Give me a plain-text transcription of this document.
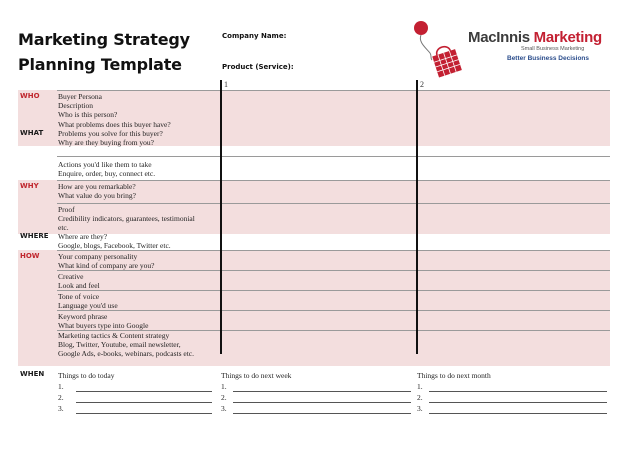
Marketing Strategy
Planning Template
Company Name:
Product (Service):
MacInnis Marketing
Small Business Marketing
Better Business Decisions
1	2
WHO
WHAT
WHY
WHERE
HOW
WHEN
Buyer Persona
Description
Who is this person?
What problems does this buyer have?
Problems you solve for this buyer?
Why are they buying from you?
Actions you'd like them to take
Enquire, order, buy, connect etc.
How are you remarkable?
What value do you bring?
Proof
Credibility indicators, guarantees, testimonial
etc.
Where are they?
Google, blogs, Facebook, Twitter etc.
Your company personality
What kind of company are you?
Creative
Look and feel
Tone of voice
Language you'd use
Keyword phrase
What buyers type into Google
Marketing tactics & Content strategy
Blog, Twitter, Youtube, email newsletter,
Google Ads, e-books, webinars, podcasts etc.
Things to do today
1.
2.
3.
Things to do next week
1.
2.
3.
Things to do next month
1.
2.
3.
